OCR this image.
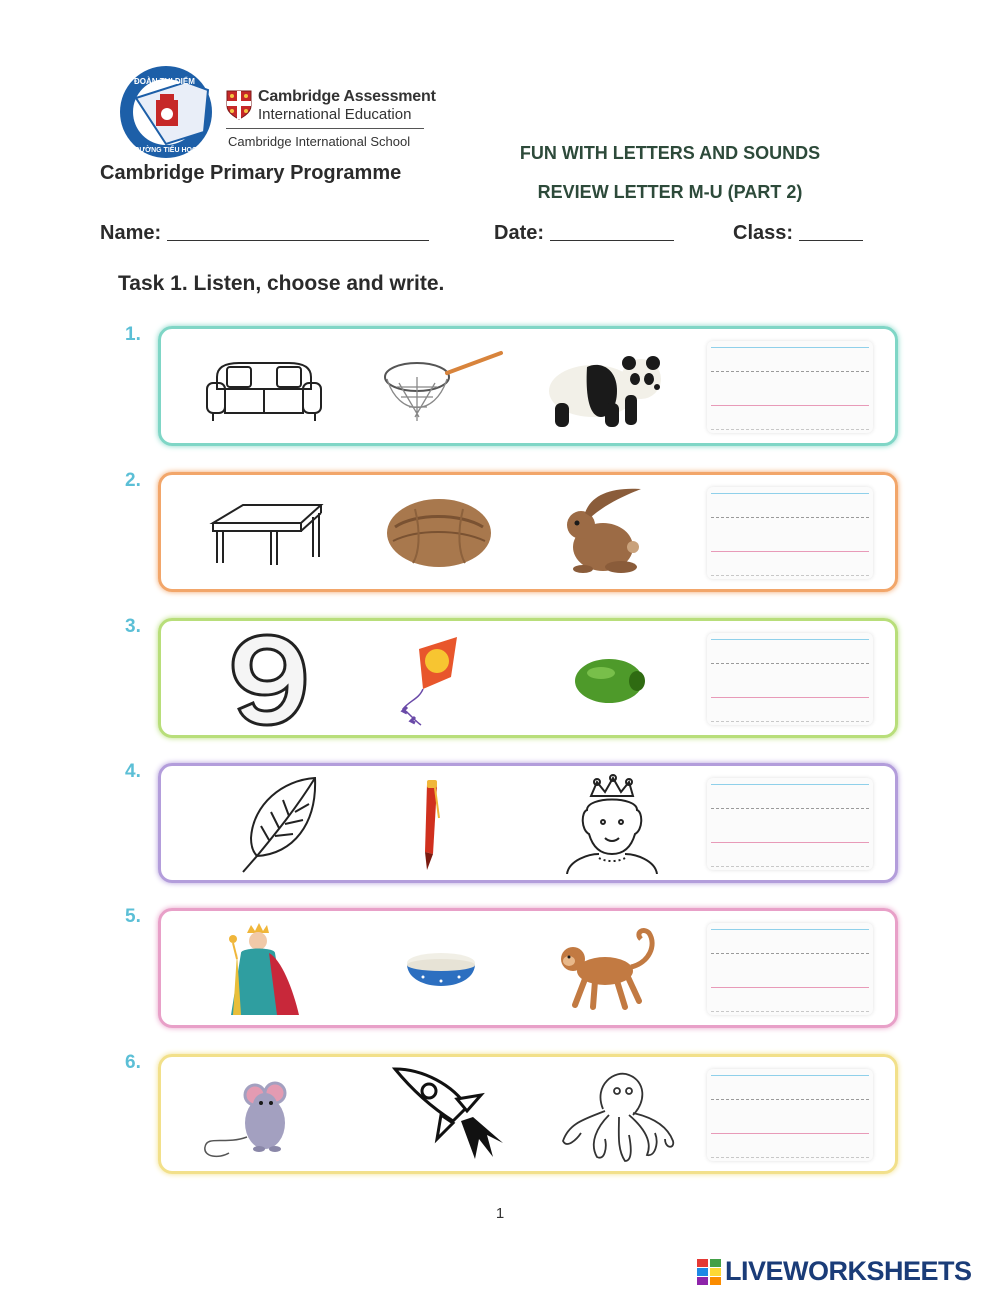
ĐOÀN THỊ ĐIỂM
TRƯỜNG TIỂU HỌC
Cambridge Assessment
International Education
Cambridge International School
Cambridge Primary Programme
FUN WITH LETTERS AND SOUNDS
REVIEW LETTER M-U (PART 2)
Name:	Date:	Class:
Task 1. Listen, choose and write.
1.
2.
3.
4.
5.
6.
1
LIVEWORKSHEETS
